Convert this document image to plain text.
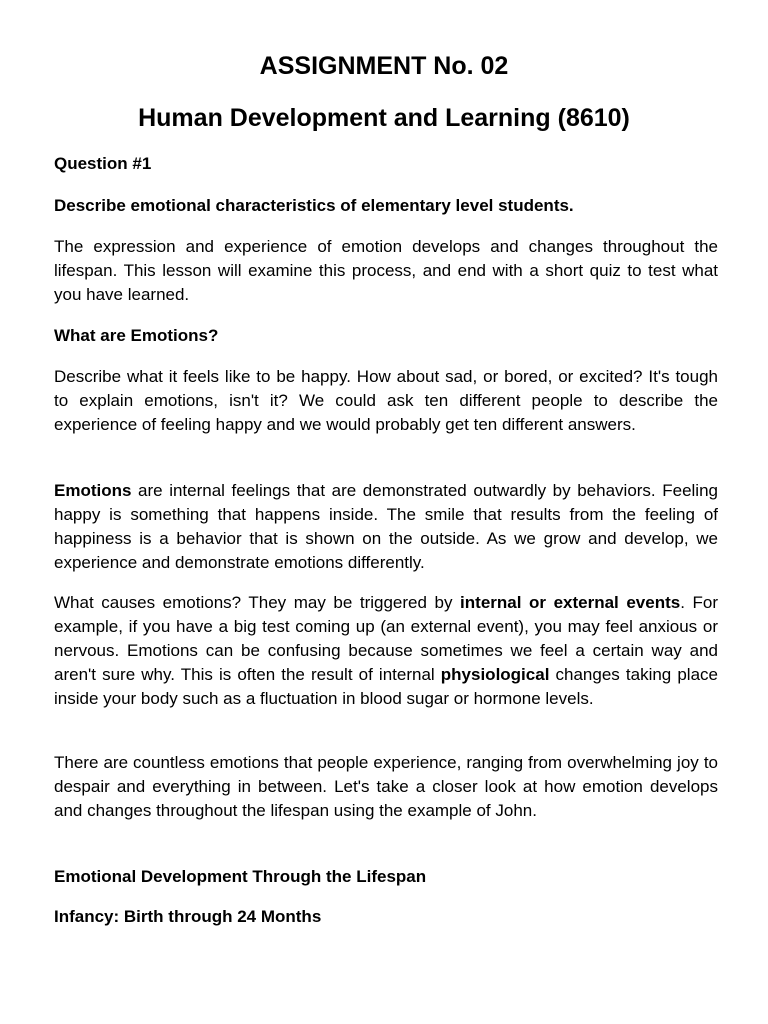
ASSIGNMENT No. 02
Human Development and Learning (8610)

Question #1

Describe emotional characteristics of elementary level students.

The expression and experience of emotion develops and changes throughout the lifespan. This lesson will examine this process, and end with a short quiz to test what you have learned.

What are Emotions?

Describe what it feels like to be happy. How about sad, or bored, or excited? It's tough to explain emotions, isn't it? We could ask ten different people to describe the experience of feeling happy and we would probably get ten different answers.

Emotions are internal feelings that are demonstrated outwardly by behaviors. Feeling happy is something that happens inside. The smile that results from the feeling of happiness is a behavior that is shown on the outside. As we grow and develop, we experience and demonstrate emotions differently.

What causes emotions? They may be triggered by internal or external events. For example, if you have a big test coming up (an external event), you may feel anxious or nervous. Emotions can be confusing because sometimes we feel a certain way and aren't sure why. This is often the result of internal physiological changes taking place inside your body such as a fluctuation in blood sugar or hormone levels.

There are countless emotions that people experience, ranging from overwhelming joy to despair and everything in between. Let's take a closer look at how emotion develops and changes throughout the lifespan using the example of John.

Emotional Development Through the Lifespan

Infancy: Birth through 24 Months
